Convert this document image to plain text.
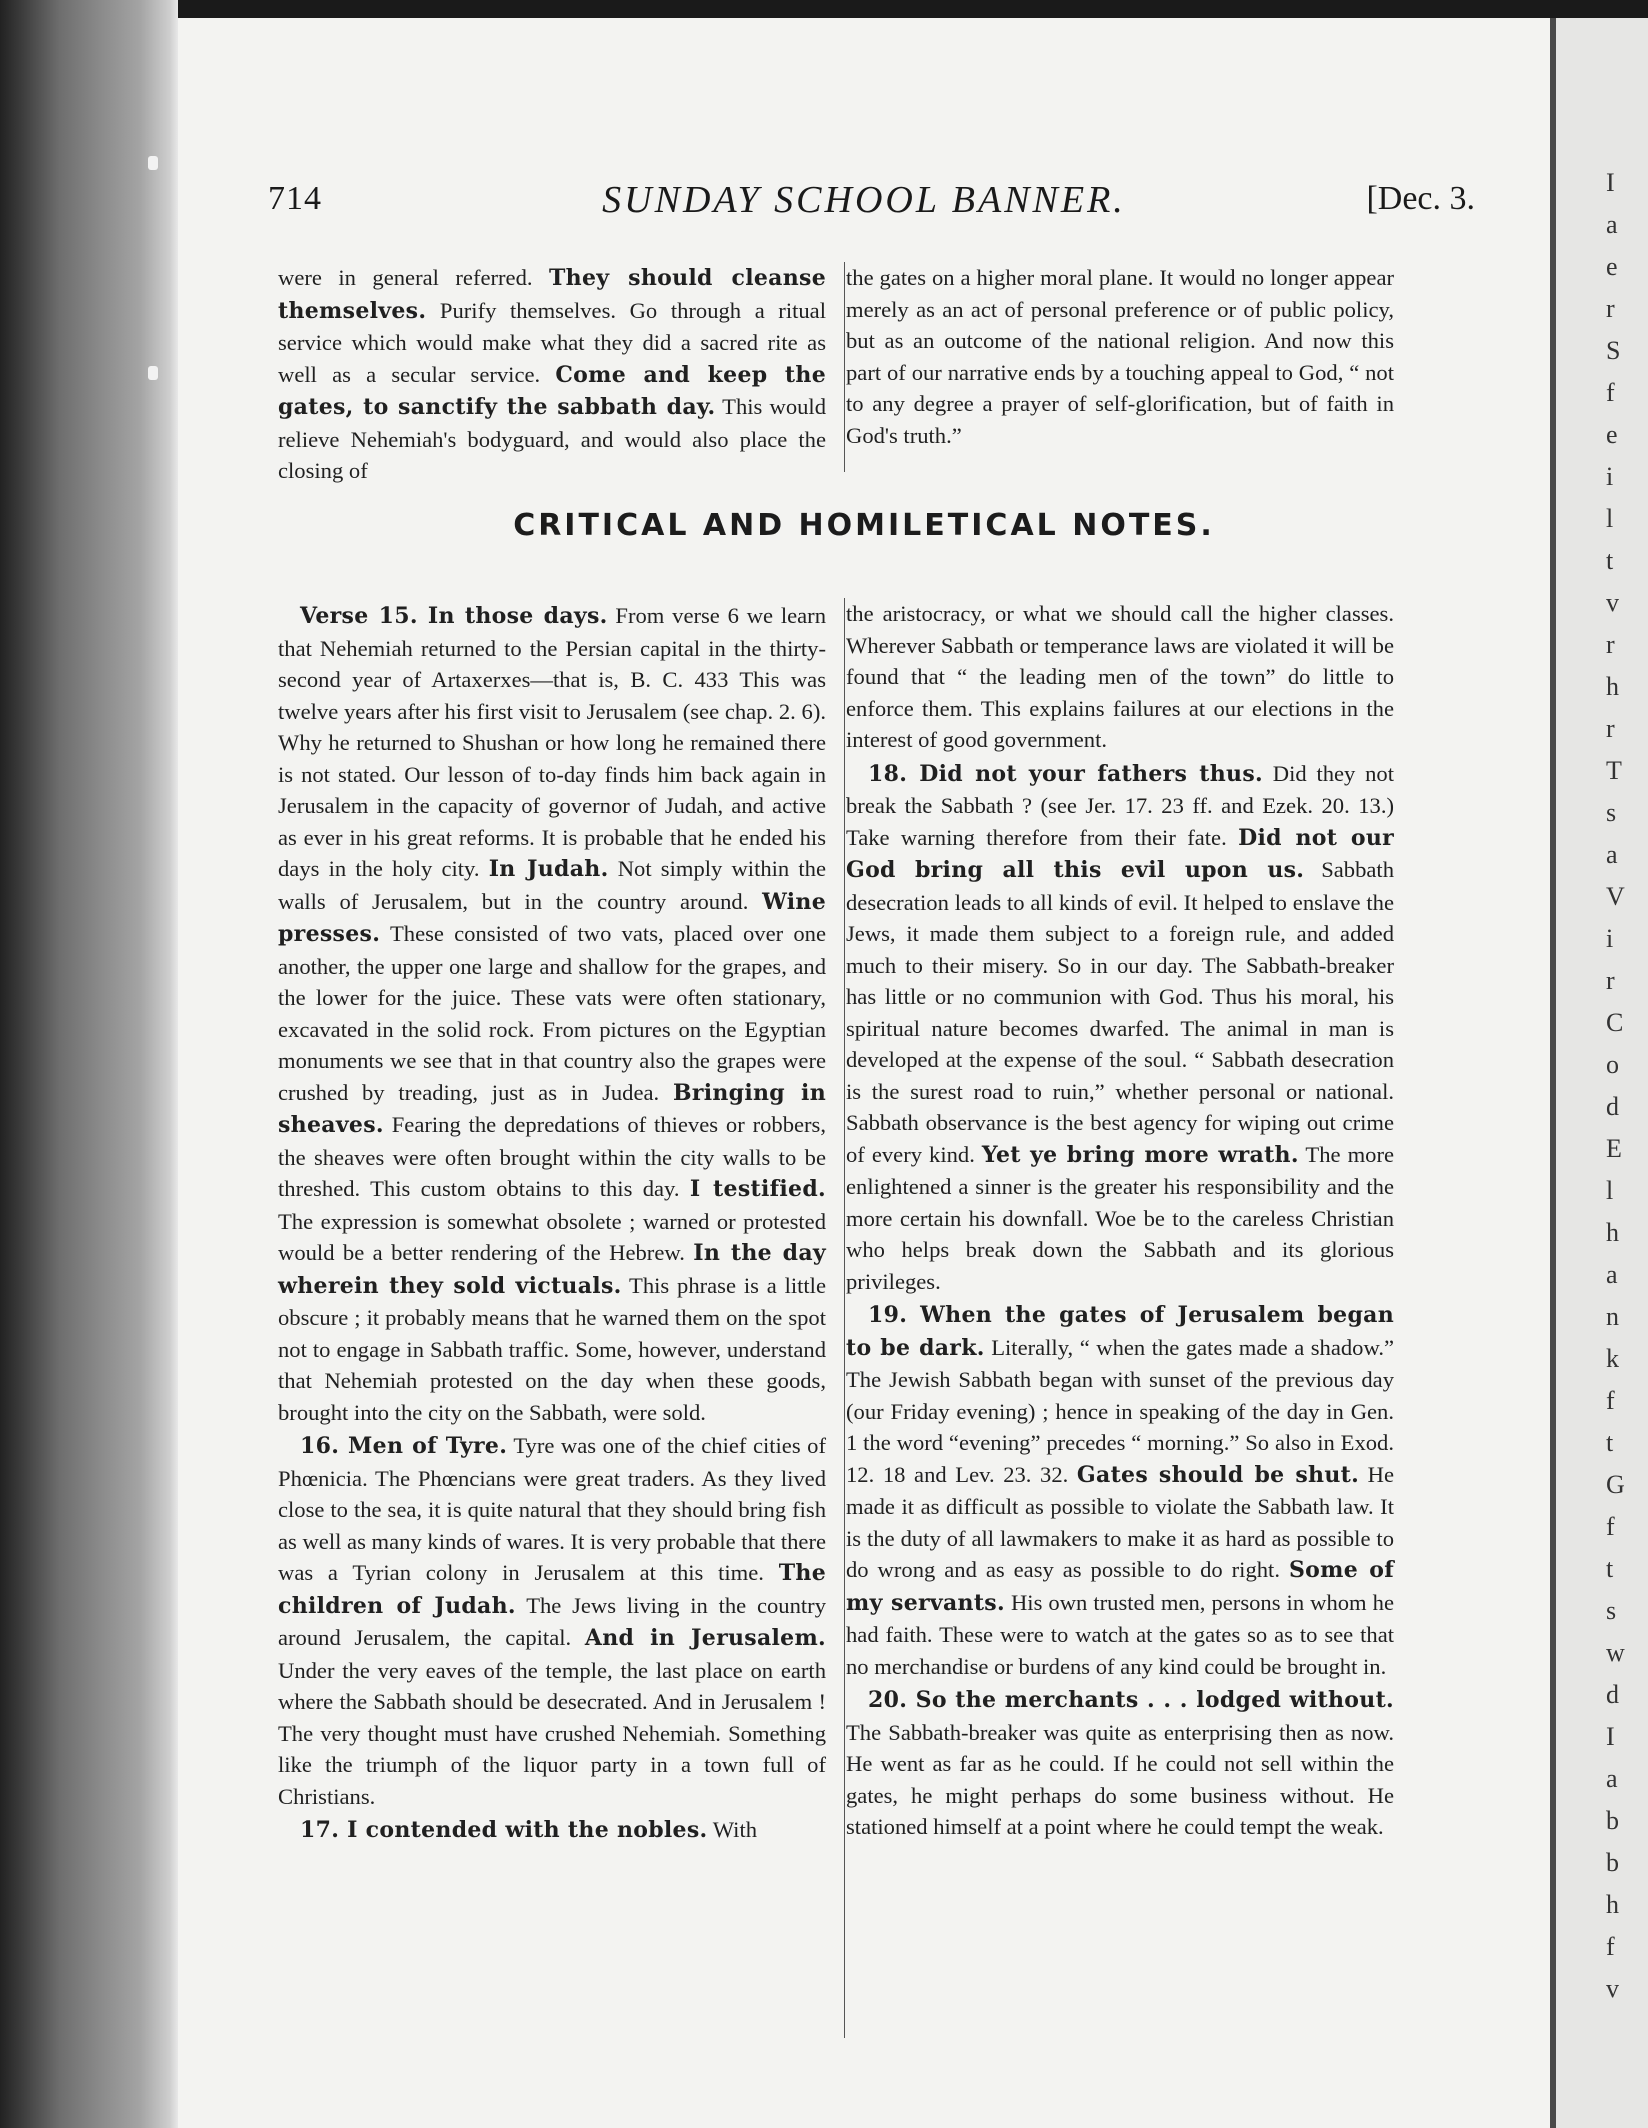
714	SUNDAY SCHOOL BANNER.	[Dec. 3.

were in general referred. They should cleanse themselves. Purify themselves. Go through a ritual service which would make what they did a sacred rite as well as a secular service. Come and keep the gates, to sanctify the sabbath day. This would relieve Nehemiah's bodyguard, and would also place the closing of

the gates on a higher moral plane. It would no longer appear merely as an act of personal preference or of public policy, but as an outcome of the national religion. And now this part of our narrative ends by a touching appeal to God, “ not to any degree a prayer of self-glorification, but of faith in God's truth.”

CRITICAL AND HOMILETICAL NOTES.

Verse 15. In those days. From verse 6 we learn that Nehemiah returned to the Persian capital in the thirty-second year of Artaxerxes—that is, B. C. 433 This was twelve years after his first visit to Jerusalem (see chap. 2. 6). Why he returned to Shushan or how long he remained there is not stated. Our lesson of to-day finds him back again in Jerusalem in the capacity of governor of Judah, and active as ever in his great reforms. It is probable that he ended his days in the holy city. In Judah. Not simply within the walls of Jerusalem, but in the country around. Wine presses. These consisted of two vats, placed over one another, the upper one large and shallow for the grapes, and the lower for the juice. These vats were often stationary, excavated in the solid rock. From pictures on the Egyptian monuments we see that in that country also the grapes were crushed by treading, just as in Judea. Bringing in sheaves. Fearing the depredations of thieves or robbers, the sheaves were often brought within the city walls to be threshed. This custom obtains to this day. I testified. The expression is somewhat obsolete ; warned or protested would be a better rendering of the Hebrew. In the day wherein they sold victuals. This phrase is a little obscure ; it probably means that he warned them on the spot not to engage in Sabbath traffic. Some, however, understand that Nehemiah protested on the day when these goods, brought into the city on the Sabbath, were sold.

16. Men of Tyre. Tyre was one of the chief cities of Phœnicia. The Phœncians were great traders. As they lived close to the sea, it is quite natural that they should bring fish as well as many kinds of wares. It is very probable that there was a Tyrian colony in Jerusalem at this time. The children of Judah. The Jews living in the country around Jerusalem, the capital. And in Jerusalem. Under the very eaves of the temple, the last place on earth where the Sabbath should be desecrated. And in Jerusalem ! The very thought must have crushed Nehemiah. Something like the triumph of the liquor party in a town full of Christians.

17. I contended with the nobles. With

the aristocracy, or what we should call the higher classes. Wherever Sabbath or temperance laws are violated it will be found that “ the leading men of the town” do little to enforce them. This explains failures at our elections in the interest of good government.

18. Did not your fathers thus. Did they not break the Sabbath ? (see Jer. 17. 23 ff. and Ezek. 20. 13.) Take warning therefore from their fate. Did not our God bring all this evil upon us. Sabbath desecration leads to all kinds of evil. It helped to enslave the Jews, it made them subject to a foreign rule, and added much to their misery. So in our day. The Sabbath-breaker has little or no communion with God. Thus his moral, his spiritual nature becomes dwarfed. The animal in man is developed at the expense of the soul. “ Sabbath desecration is the surest road to ruin,” whether personal or national. Sabbath observance is the best agency for wiping out crime of every kind. Yet ye bring more wrath. The more enlightened a sinner is the greater his responsibility and the more certain his downfall. Woe be to the careless Christian who helps break down the Sabbath and its glorious privileges.

19. When the gates of Jerusalem began to be dark. Literally, “ when the gates made a shadow.” The Jewish Sabbath began with sunset of the previous day (our Friday evening) ; hence in speaking of the day in Gen. 1 the word “evening” precedes “ morning.” So also in Exod. 12. 18 and Lev. 23. 32. Gates should be shut. He made it as difficult as possible to violate the Sabbath law. It is the duty of all lawmakers to make it as hard as possible to do wrong and as easy as possible to do right. Some of my servants. His own trusted men, persons in whom he had faith. These were to watch at the gates so as to see that no merchandise or burdens of any kind could be brought in.

20. So the merchants . . . lodged without. The Sabbath-breaker was quite as enterprising then as now. He went as far as he could. If he could not sell within the gates, he might perhaps do some business without. He stationed himself at a point where he could tempt the weak.

I
a
e
r
S
f
e
i
l
t
v
r
h
r
T
s
a
V
i
r
C
o
d
E
l
h
a
n
k
f
t
G
f
t
s
w
d
I
a
b
b
h
f
v
